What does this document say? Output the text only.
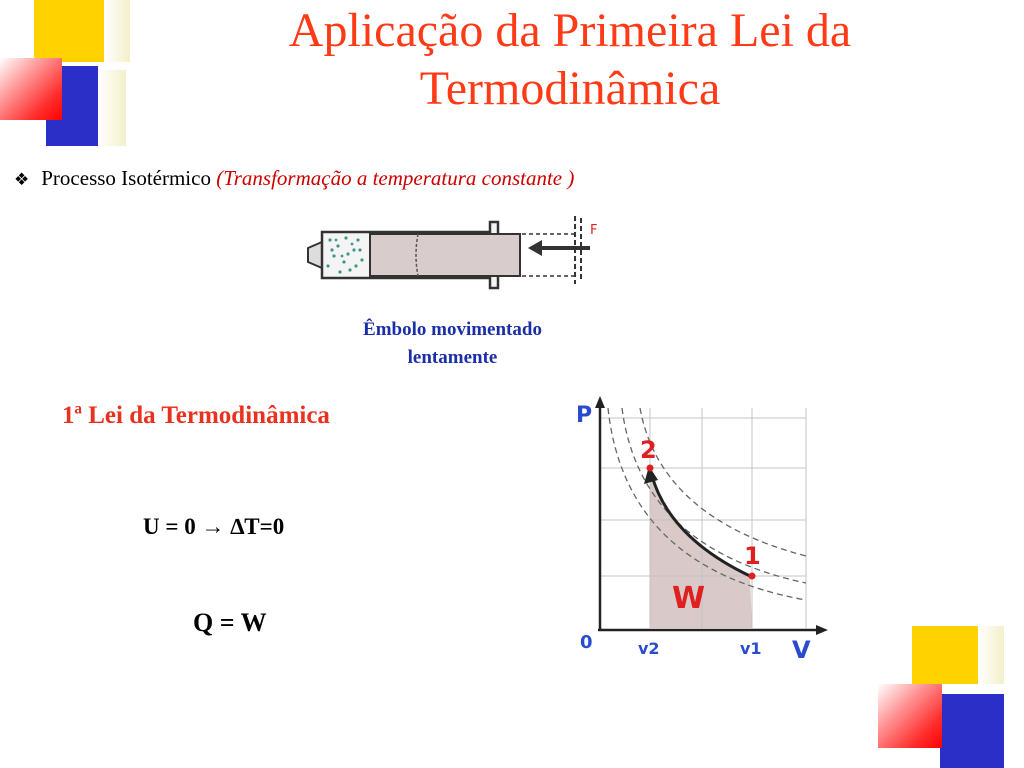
Aplicação da Primeira Lei da
Termodinâmica
❖ Processo Isotérmico (Transformação a temperatura constante )
F
Êmbolo movimentado
lentamente
1ª Lei da Termodinâmica
U = 0 → ∆T=0
Q = W
P
V
0	v2	v1
2
1
W
